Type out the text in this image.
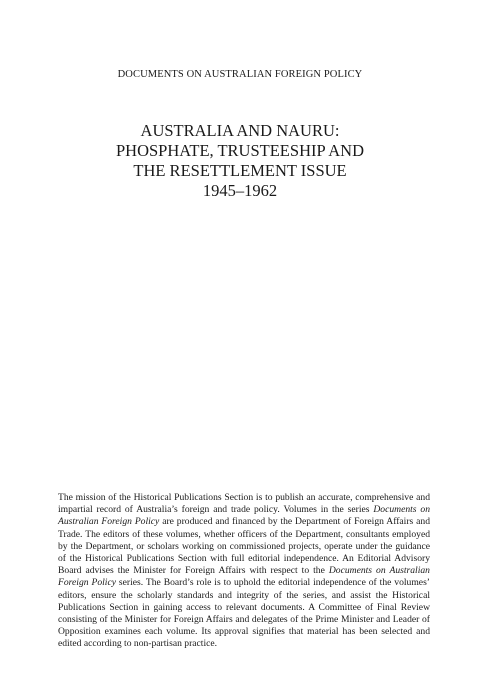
DOCUMENTS ON AUSTRALIAN FOREIGN POLICY

AUSTRALIA AND NAURU:
PHOSPHATE, TRUSTEESHIP AND
THE RESETTLEMENT ISSUE
1945–1962

The mission of the Historical Publications Section is to publish an accurate, comprehensive and impartial record of Australia’s foreign and trade policy. Volumes in the series Documents on Australian Foreign Policy are produced and financed by the Department of Foreign Affairs and Trade. The editors of these volumes, whether officers of the Department, consultants employed by the Department, or scholars working on commissioned projects, operate under the guidance of the Historical Publications Section with full editorial independence. An Editorial Advisory Board advises the Minister for Foreign Affairs with respect to the Documents on Australian Foreign Policy series. The Board’s role is to uphold the editorial independence of the volumes’ editors, ensure the scholarly standards and integrity of the series, and assist the Historical Publications Section in gaining access to relevant documents. A Committee of Final Review consisting of the Minister for Foreign Affairs and delegates of the Prime Minister and Leader of Opposition examines each volume. Its approval signifies that material has been selected and edited according to non-partisan practice.
